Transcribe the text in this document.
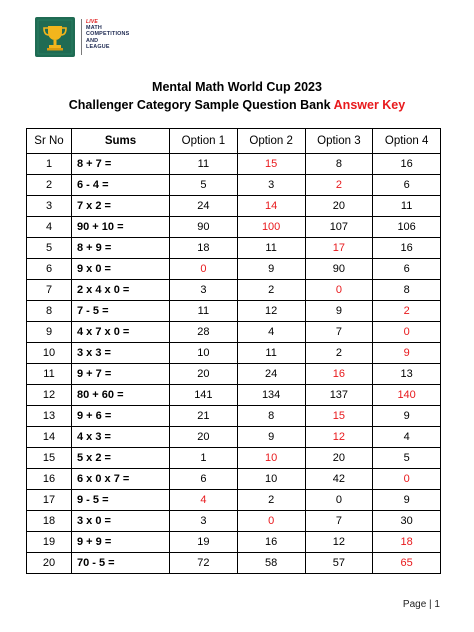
LIVE
MATH
COMPETITIONS
AND
LEAGUE
Mental Math World Cup 2023
Challenger Category Sample Question Bank Answer Key
Sr No	Sums	Option 1	Option 2	Option 3	Option 4
1	8 + 7 =	11	15	8	16
2	6 - 4 =	5	3	2	6
3	7 x 2 =	24	14	20	11
4	90 + 10 =	90	100	107	106
5	8 + 9 =	18	11	17	16
6	9 x 0 =	0	9	90	6
7	2 x 4 x 0 =	3	2	0	8
8	7 - 5 =	11	12	9	2
9	4 x 7 x 0 =	28	4	7	0
10	3 x 3 =	10	11	2	9
11	9 + 7 =	20	24	16	13
12	80 + 60 =	141	134	137	140
13	9 + 6 =	21	8	15	9
14	4 x 3 =	20	9	12	4
15	5 x 2 =	1	10	20	5
16	6 x 0 x 7 =	6	10	42	0
17	9 - 5 =	4	2	0	9
18	3 x 0 =	3	0	7	30
19	9 + 9 =	19	16	12	18
20	70 - 5 =	72	58	57	65
Page | 1
